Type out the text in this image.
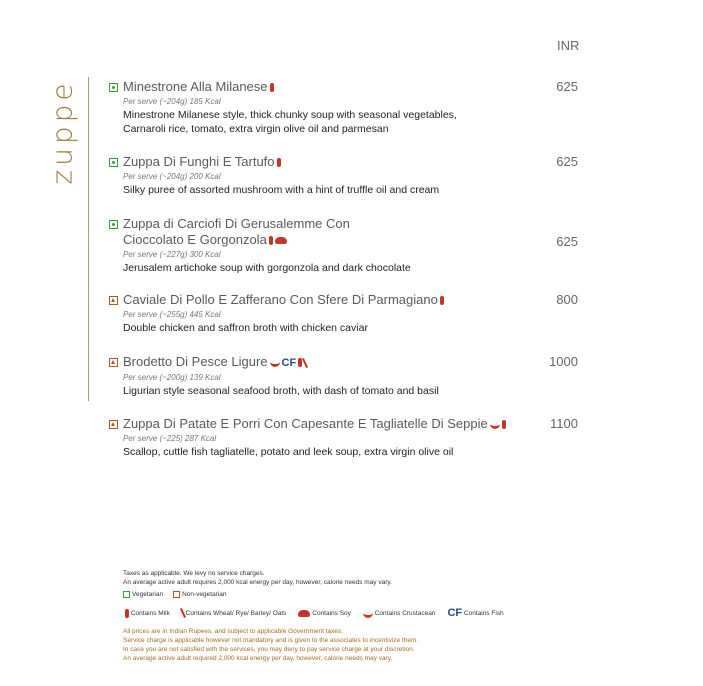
INR
zuppe	Minestrone Alla Milanese
Per serve (~204g) 185 Kcal
Minestrone Milanese style, thick chunky soup with seasonal vegetables,
Carnaroli rice, tomato, extra virgin olive oil and parmesan
625
Zuppa Di Funghi E Tartufo
Per serve (~204g) 200 Kcal
Silky puree of assorted mushroom with a hint of truffle oil and cream
625
Zuppa di Carciofi Di Gerusalemme Con
Cioccolato E Gorgonzola
Per serve (~227g) 300 Kcal
Jerusalem artichoke soup with gorgonzola and dark chocolate
625
Caviale Di Pollo E Zafferano Con Sfere Di Parmagiano
Per serve (~255g) 445 Kcal
Double chicken and saffron broth with chicken caviar
800
Brodetto Di Pesce Ligure CF
Per serve (~200g) 139 Kcal
Ligurian style seasonal seafood broth, with dash of tomato and basil
1000
Zuppa Di Patate E Porri Con Capesante E Tagliatelle Di Seppie
Per serve (~225) 287 Kcal
Scallop, cuttle fish tagliatelle, potato and leek soup, extra virgin olive oil
1100
Taxes as applicable. We levy no service charges.
An average active adult requires 2,000 kcal energy per day, however, calorie needs may vary.
Vegetarian	Non-vegetarian

Contains Milk
Contains Wheat/ Rye/ Barley/ Oats
	Contains Soy
	Contains Crustacean CF
Contains Fish
All prices are in Indian Rupees, and subject to applicable Government taxes.
Service charge is applicable however not mandatory and is given to the associates to incentivize them.
In case you are not satisfied with the services, you may deny to pay service charge at your discretion.
An average active adult required 2,000 kcal energy per day, however, calorie needs may vary.
